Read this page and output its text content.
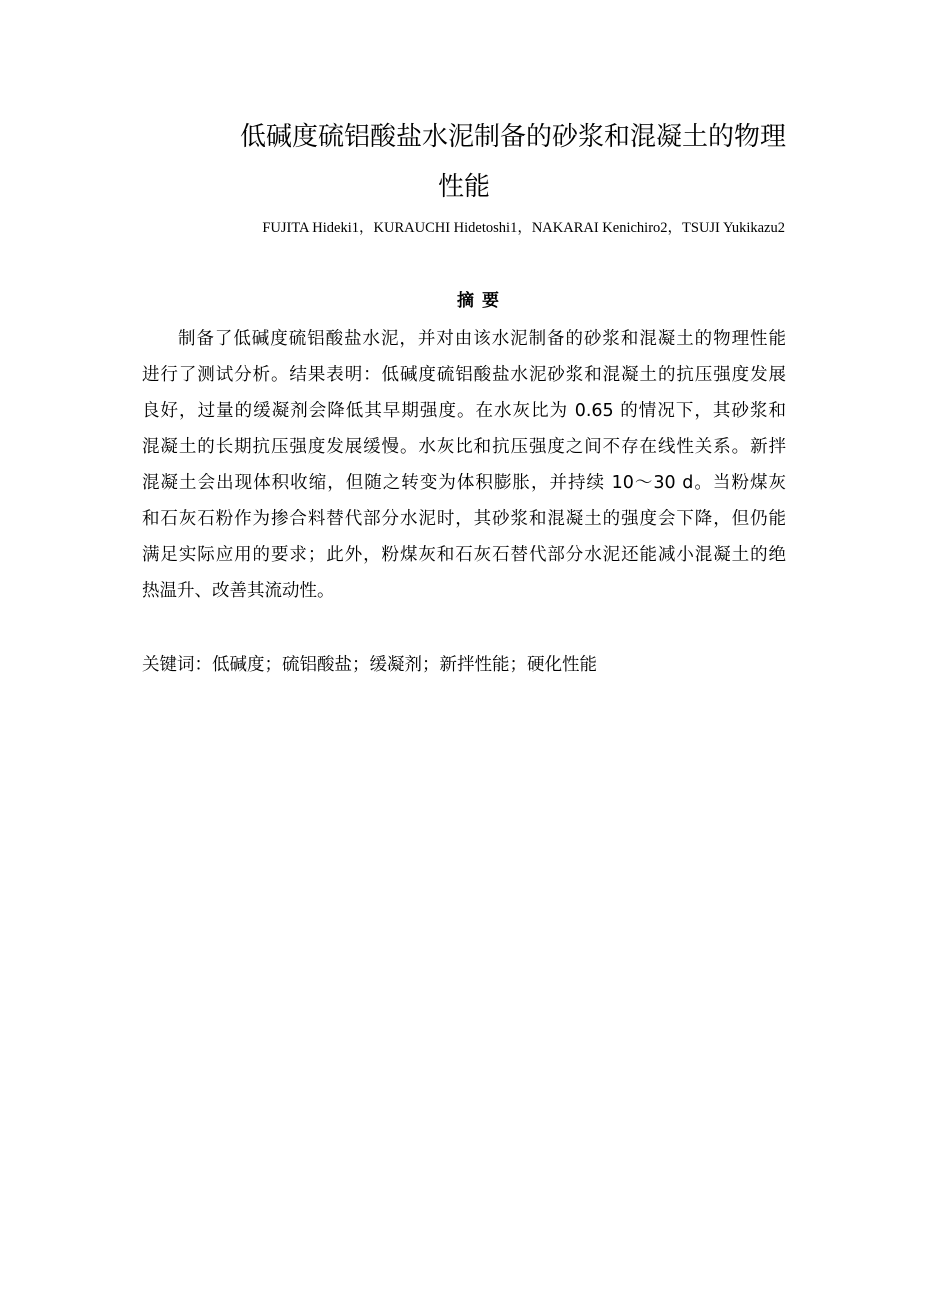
低碱度硫铝酸盐水泥制备的砂浆和混凝土的物理
性能
FUJITA Hideki1，KURAUCHI Hidetoshi1，NAKARAI Kenichiro2，TSUJI Yukikazu2
摘要
制备了低碱度硫铝酸盐水泥，并对由该水泥制备的砂浆和混凝土的物理性能
进行了测试分析。结果表明：低碱度硫铝酸盐水泥砂浆和混凝土的抗压强度发展
良好，过量的缓凝剂会降低其早期强度。在水灰比为 0.65 的情况下，其砂浆和
混凝土的长期抗压强度发展缓慢。水灰比和抗压强度之间不存在线性关系。新拌
混凝土会出现体积收缩，但随之转变为体积膨胀，并持续 10～30 d。当粉煤灰
和石灰石粉作为掺合料替代部分水泥时，其砂浆和混凝土的强度会下降，但仍能
满足实际应用的要求；此外，粉煤灰和石灰石替代部分水泥还能减小混凝土的绝
热温升、改善其流动性。
关键词：低碱度；硫铝酸盐；缓凝剂；新拌性能；硬化性能
